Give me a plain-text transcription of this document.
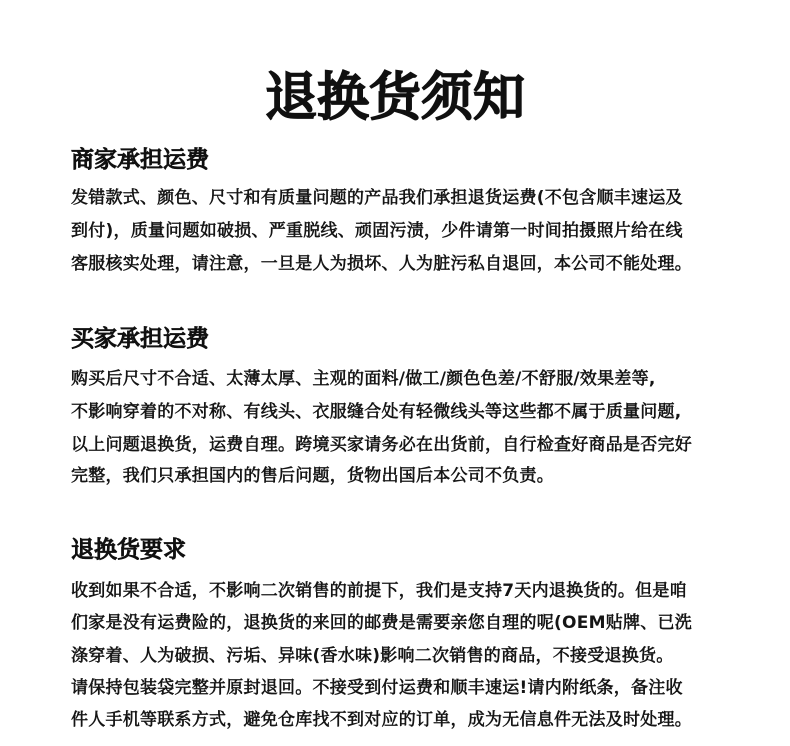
退换货须知
商家承担运费

发错款式、颜色、尺寸和有质量问题的产品我们承担退货运费(不包含顺丰速运及

到付)，质量问题如破损、严重脱线、顽固污渍，少件请第一时间拍摄照片给在线

客服核实处理，请注意，一旦是人为损坏、人为脏污私自退回，本公司不能处理。

买家承担运费

购买后尺寸不合适、太薄太厚、主观的面料/做工/颜色色差/不舒服/效果差等,

不影响穿着的不对称、有线头、衣服缝合处有轻微线头等这些都不属于质量问题,

以上问题退换货，运费自理。跨境买家请务必在出货前，自行检查好商品是否完好

完整，我们只承担国内的售后问题，货物出国后本公司不负责。

退换货要求

收到如果不合适，不影响二次销售的前提下，我们是支持7天内退换货的。但是咱

们家是没有运费险的，退换货的来回的邮费是需要亲您自理的呢(OEM贴牌、已洗

涤穿着、人为破损、污垢、异味(香水味)影响二次销售的商品，不接受退换货。

请保持包装袋完整并原封退回。不接受到付运费和顺丰速运!请内附纸条，备注收

件人手机等联系方式，避免仓库找不到对应的订单，成为无信息件无法及时处理。
